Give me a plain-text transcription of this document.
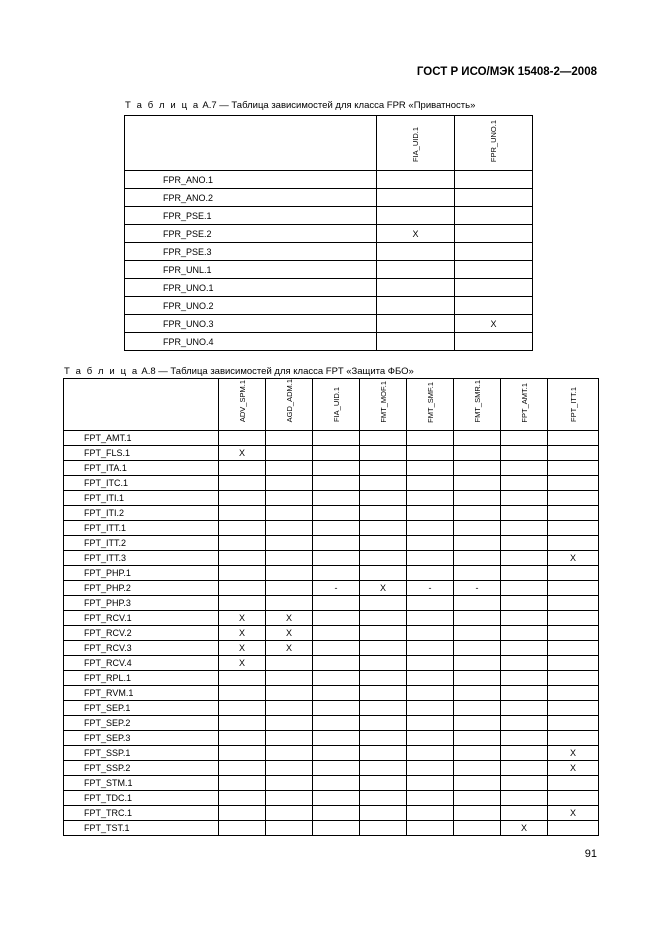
ГОСТ Р ИСО/МЭК 15408-2—2008
Т а б л и ц а А.7 — Таблица зависимостей для класса FPR «Приватность»
	FIA_UID.1	FPR_UNO.1
FPR_ANO.1		
FPR_ANO.2		
FPR_PSE.1		
FPR_PSE.2	X	
FPR_PSE.3		
FPR_UNL.1		
FPR_UNO.1		
FPR_UNO.2		
FPR_UNO.3		X
FPR_UNO.4		
Т а б л и ц а А.8 — Таблица зависимостей для класса FPT «Защита ФБО»
	ADV_SPM.1	AGD_ADM.1	FIA_UID.1	FMT_MOF.1	FMT_SMF.1	FMT_SMR.1	FPT_AMT.1	FPT_ITT.1
FPT_AMT.1								
FPT_FLS.1	X							
FPT_ITA.1								
FPT_ITC.1								
FPT_ITI.1								
FPT_ITI.2								
FPT_ITT.1								
FPT_ITT.2								
FPT_ITT.3								X
FPT_PHP.1								
FPT_PHP.2			-	X	-	-		
FPT_PHP.3								
FPT_RCV.1	X	X						
FPT_RCV.2	X	X						
FPT_RCV.3	X	X						
FPT_RCV.4	X							
FPT_RPL.1								
FPT_RVM.1								
FPT_SEP.1								
FPT_SEP.2								
FPT_SEP.3								
FPT_SSP.1								X
FPT_SSP.2								X
FPT_STM.1								
FPT_TDC.1								
FPT_TRC.1								X
FPT_TST.1							X	
91
